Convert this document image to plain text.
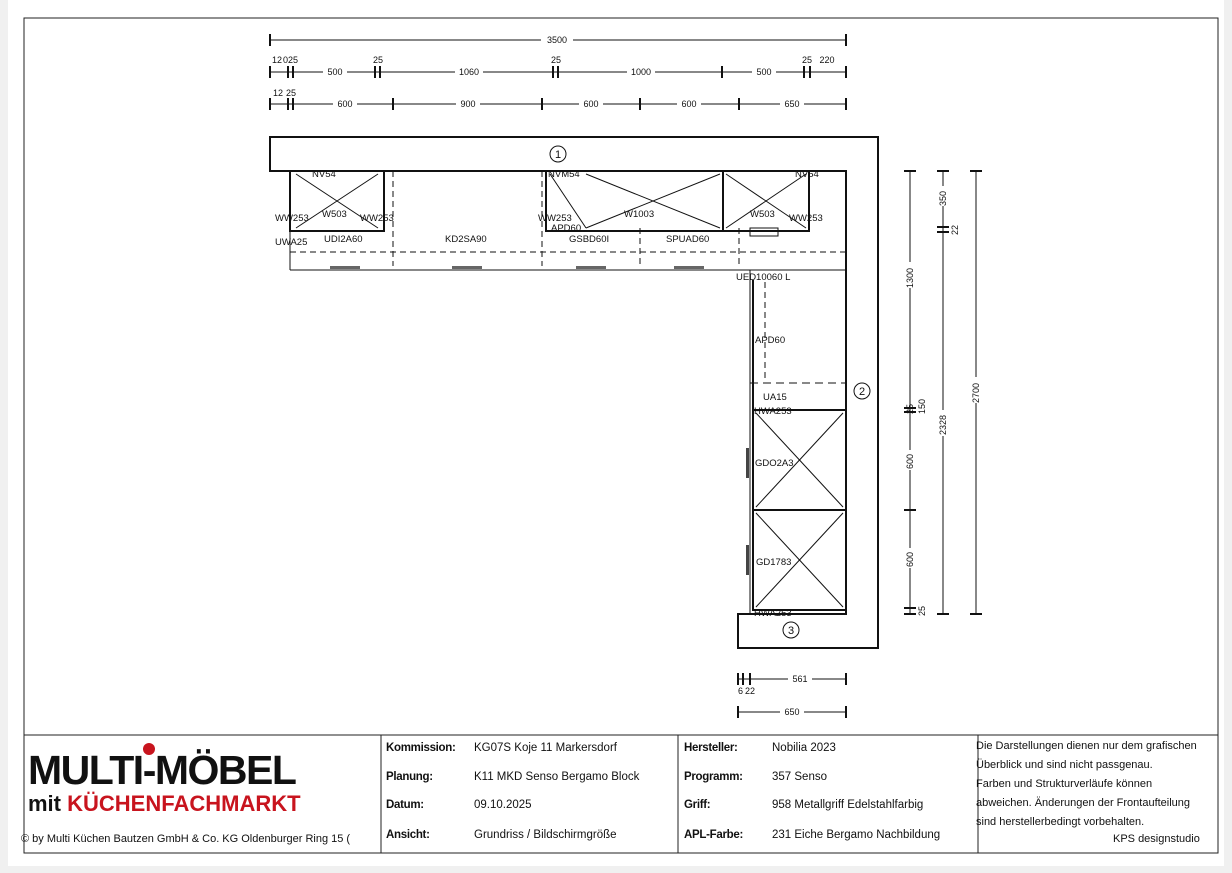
3500
12 0 25
500
25
1060
25
1000	500
25 220
12 25
600	900	600	600	650
1
2
3
NV54	NVM54	NV54
WW253 W503 WW253	WW253	W1003	W503 WW253
UWA25 UDI2A60	KD2SA90
APD60
GSBD60I	SPUAD60
UED10060 L
APD60
UA15
HWA253
GDO2A3
GD1783
HWA253
1300
25 150
600
600
25
350
22
2328
2700
6 22
561
650
MULTI-MÖBEL
mit KÜCHENFACHMARKT
© by Multi Küchen Bautzen GmbH & Co. KG Oldenburger Ring 15 (
Kommission: KG07S Koje 11 Markersdorf
Planung:	K11 MKD Senso Bergamo Block
Datum:	09.10.2025
Ansicht:	Grundriss / Bildschirmgröße
Hersteller:	Nobilia 2023
Programm:	357 Senso
Griff:	958 Metallgriff Edelstahlfarbig
APL-Farbe:	231 Eiche Bergamo Nachbildung
Die Darstellungen dienen nur dem grafischen
Überblick und sind nicht passgenau.
Farben und Strukturverläufe können
abweichen. Änderungen der Frontaufteilung
sind herstellerbedingt vorbehalten.
KPS designstudio
